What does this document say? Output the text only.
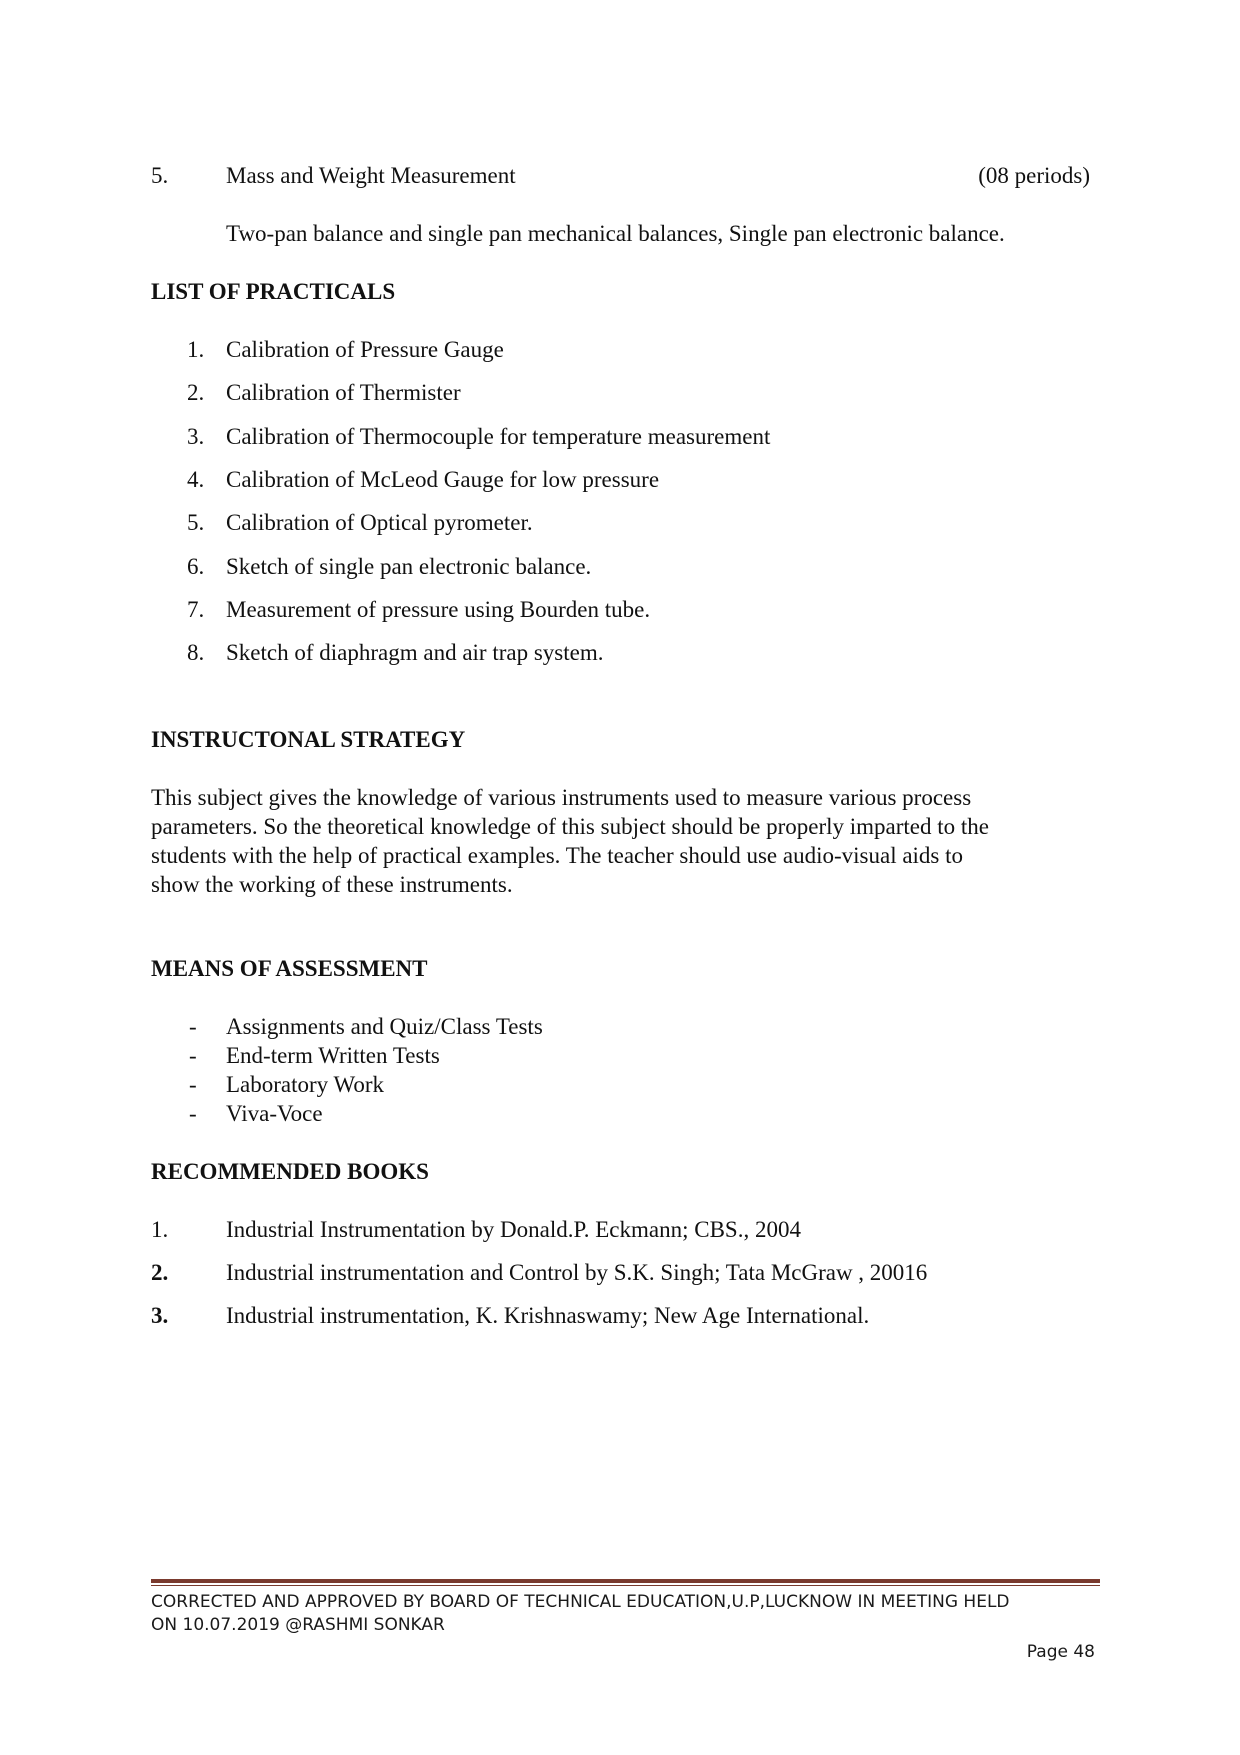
5.	Mass and Weight Measurement	(08 periods)
Two-pan balance and single pan mechanical balances, Single pan electronic balance.
LIST OF PRACTICALS
1. Calibration of Pressure Gauge
2. Calibration of Thermister
3. Calibration of Thermocouple for temperature measurement
4. Calibration of McLeod Gauge for low pressure
5. Calibration of Optical pyrometer.
6. Sketch of single pan electronic balance.
7. Measurement of pressure using Bourden tube.
8. Sketch of diaphragm and air trap system.
INSTRUCTONAL STRATEGY
This subject gives the knowledge of various instruments used to measure various process
parameters. So the theoretical knowledge of this subject should be properly imparted to the
students with the help of practical examples. The teacher should use audio-visual aids to
show the working of these instruments.
MEANS OF ASSESSMENT
- Assignments and Quiz/Class Tests
- End-term Written Tests
- Laboratory Work
- Viva-Voce
RECOMMENDED BOOKS
1.	Industrial Instrumentation by Donald.P. Eckmann; CBS., 2004
2.	Industrial instrumentation and Control by S.K. Singh; Tata McGraw , 20016
3.	Industrial instrumentation, K. Krishnaswamy; New Age International.
CORRECTED AND APPROVED BY BOARD OF TECHNICAL EDUCATION,U.P,LUCKNOW IN MEETING HELD
ON 10.07.2019 @RASHMI SONKAR
Page 48
